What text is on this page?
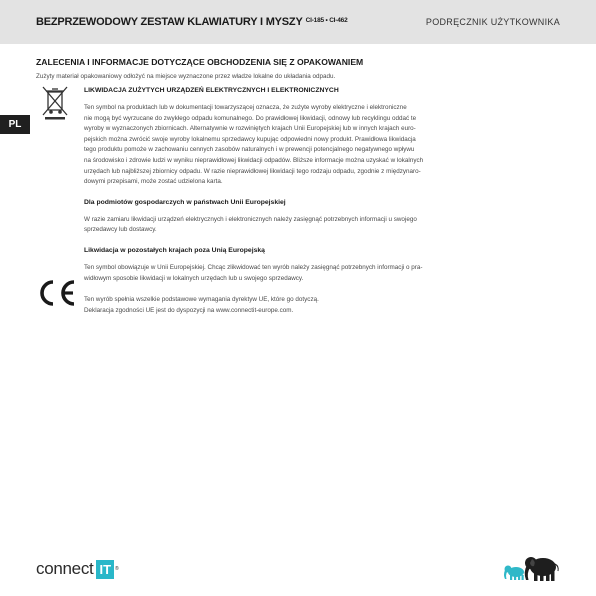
BEZPRZEWODOWY ZESTAW KLAWIATURY I MYSZY $^{CI-185 • CI-462}$	PODRĘCZNIK UŻYTKOWNIKA
PL
ZALECENIA I INFORMACJE DOTYCZĄCE OBCHODZENIA SIĘ Z OPAKOWANIEM
Zużyty materiał opakowaniowy odłożyć na miejsce wyznaczone przez władze lokalne do układania odpadu.
LIKWIDACJA ZUŻYTYCH URZĄDZEŃ ELEKTRYCZNYCH I ELEKTRONICZNYCH
Ten symbol na produktach lub w dokumentacji towarzyszącej oznacza, że zużyte wyroby elektryczne i elektroniczne
nie mogą być wyrzucane do zwykłego odpadu komunalnego. Do prawidłowej likwidacji, odnowy lub recyklingu oddać te
wyroby w wyznaczonych zbiornicach. Alternatywnie w rozwiniętych krajach Unii Europejskiej lub w innych krajach euro-
pejskich można zwrócić swoje wyroby lokalnemu sprzedawcy kupując odpowiedni nowy produkt. Prawidłowa likwidacja
tego produktu pomoże w zachowaniu cennych zasobów naturalnych i w prewencji potencjalnego negatywnego wpływu
na środowisko i zdrowie ludzi w wyniku nieprawidłowej likwidacji odpadów. Bliższe informacje można uzyskać w lokalnych
urzędach lub najbliższej zbiornicy odpadu. W razie nieprawidłowej likwidacji tego rodzaju odpadu, zgodnie z międzynaro-
dowymi przepisami, może zostać udzielona karta.
Dla podmiotów gospodarczych w państwach Unii Europejskiej
W razie zamiaru likwidacji urządzeń elektrycznych i elektronicznych należy zasięgnąć potrzebnych informacji u swojego
sprzedawcy lub dostawcy.
Likwidacja w pozostałych krajach poza Unią Europejską
Ten symbol obowiązuje w Unii Europejskiej. Chcąc zlikwidować ten wyrób należy zasięgnąć potrzebnych informacji o pra-
widłowym sposobie likwidacji w lokalnych urzędach lub u swojego sprzedawcy.
Ten wyrób spełnia wszelkie podstawowe wymagania dyrektyw UE, które go dotyczą.
Deklaracja zgodności UE jest do dyspozycji na www.connectit-europe.com.
connect IT ®
